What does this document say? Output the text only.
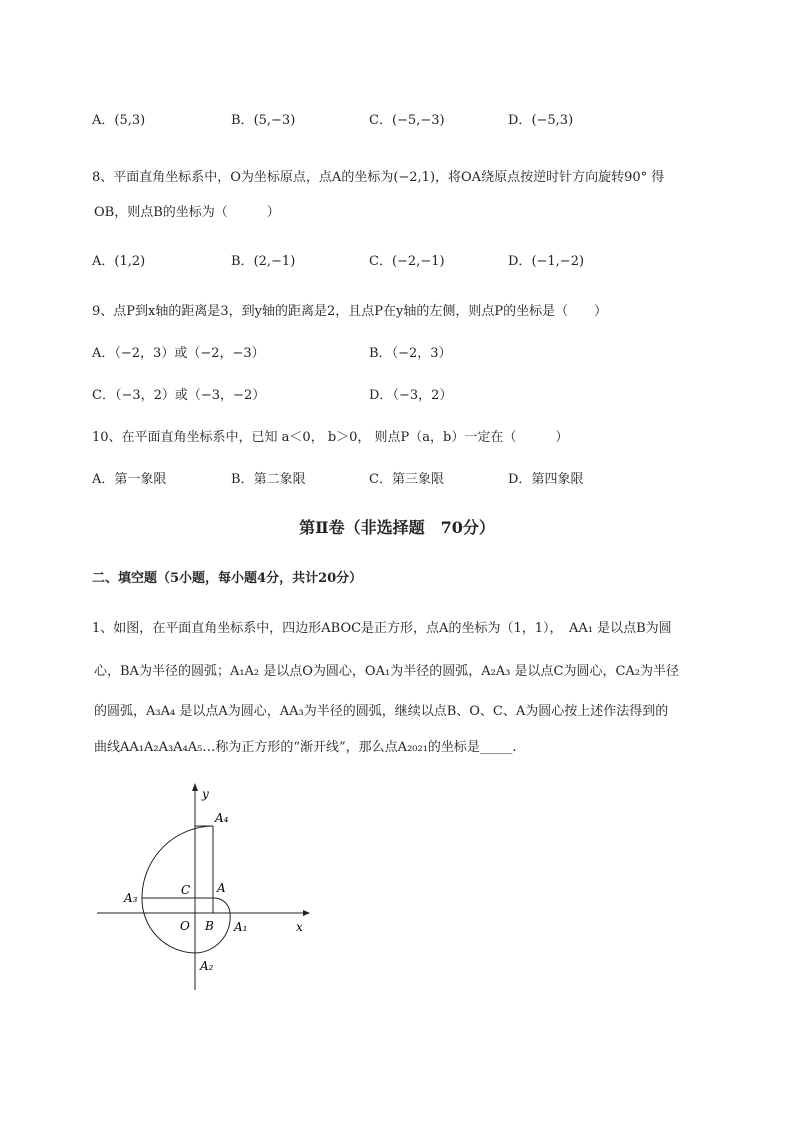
A．(5,3)	B．(5,−3)	C．(−5,−3)	D．(−5,3)
8、平面直角坐标系中，O为坐标原点，点A的坐标为(−2,1)，将OA绕原点按逆时针方向旋转90° 得
OB，则点B的坐标为（　　　）
A．(1,2)	B．(2,−1)	C．(−2,−1)	D．(−1,−2)
9、点P到x轴的距离是3，到y轴的距离是2，且点P在y轴的左侧，则点P的坐标是（　　）
A．（−2，3）或（−2，−3）	B．（−2，3）
C．（−3，2）或（−3，−2）	D．（−3，2）
10、在平面直角坐标系中，已知 a＜0， b＞0， 则点P（a，b）一定在（　　　）
A．第一象限	B．第二象限	C．第三象限	D．第四象限
第Ⅱ卷（非选择题　70分）
二、填空题（5小题，每小题4分，共计20分）
1、如图，在平面直角坐标系中，四边形ABOC是正方形，点A的坐标为（1，1），　AA₁ 是以点B为圆
心，BA为半径的圆弧；A₁A₂ 是以点O为圆心，OA₁为半径的圆弧，A₂A₃ 是以点C为圆心，CA₂为半径
的圆弧，A₃A₄ 是以点A为圆心，AA₃为半径的圆弧，继续以点B、O、C、A为圆心按上述作法得到的
曲线AA₁A₂A₃A₄A₅…称为正方形的“渐开线”，那么点A₂₀₂₁的坐标是_____.
y
x
A₄
C A
A₃
O B A₁
A₂
